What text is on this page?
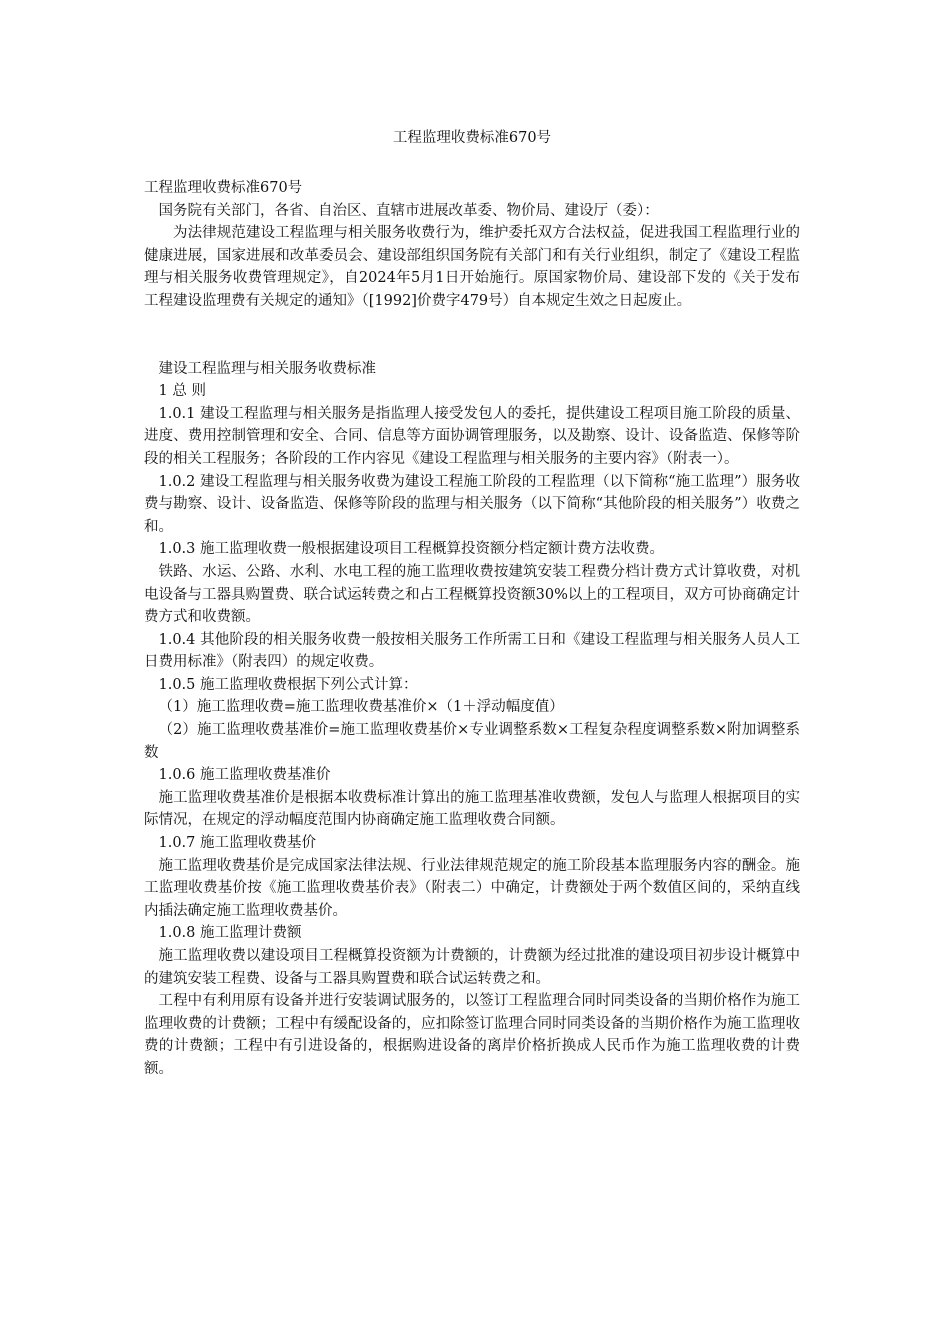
工程监理收费标准670号

工程监理收费标准670号

国务院有关部门，各省、自治区、直辖市进展改革委、物价局、建设厅（委）：

为法律规范建设工程监理与相关服务收费行为，维护委托双方合法权益，促进我国工程监理行业的健康进展，国家进展和改革委员会、建设部组织国务院有关部门和有关行业组织，制定了《建设工程监理与相关服务收费管理规定》，自2024年5月1日开始施行。原国家物价局、建设部下发的《关于发布工程建设监理费有关规定的通知》（[1992]价费字479号）自本规定生效之日起废止。

建设工程监理与相关服务收费标准

1 总 则

1.0.1 建设工程监理与相关服务是指监理人接受发包人的委托，提供建设工程项目施工阶段的质量、进度、费用控制管理和安全、合同、信息等方面协调管理服务，以及勘察、设计、设备监造、保修等阶段的相关工程服务；各阶段的工作内容见《建设工程监理与相关服务的主要内容》（附表一）。

1.0.2 建设工程监理与相关服务收费为建设工程施工阶段的工程监理（以下简称“施工监理”）服务收费与勘察、设计、设备监造、保修等阶段的监理与相关服务（以下简称“其他阶段的相关服务”）收费之和。

1.0.3 施工监理收费一般根据建设项目工程概算投资额分档定额计费方法收费。

铁路、水运、公路、水利、水电工程的施工监理收费按建筑安装工程费分档计费方式计算收费，对机电设备与工器具购置费、联合试运转费之和占工程概算投资额30%以上的工程项目，双方可协商确定计费方式和收费额。

1.0.4 其他阶段的相关服务收费一般按相关服务工作所需工日和《建设工程监理与相关服务人员人工日费用标准》（附表四）的规定收费。

1.0.5 施工监理收费根据下列公式计算：

（1）施工监理收费=施工监理收费基准价×（1＋浮动幅度值）

（2）施工监理收费基准价=施工监理收费基价×专业调整系数×工程复杂程度调整系数×附加调整系数

1.0.6 施工监理收费基准价

施工监理收费基准价是根据本收费标准计算出的施工监理基准收费额，发包人与监理人根据项目的实际情况，在规定的浮动幅度范围内协商确定施工监理收费合同额。

1.0.7 施工监理收费基价

施工监理收费基价是完成国家法律法规、行业法律规范规定的施工阶段基本监理服务内容的酬金。施工监理收费基价按《施工监理收费基价表》（附表二）中确定，计费额处于两个数值区间的，采纳直线内插法确定施工监理收费基价。

1.0.8 施工监理计费额

施工监理收费以建设项目工程概算投资额为计费额的，计费额为经过批准的建设项目初步设计概算中的建筑安装工程费、设备与工器具购置费和联合试运转费之和。

工程中有利用原有设备并进行安装调试服务的，以签订工程监理合同时同类设备的当期价格作为施工监理收费的计费额；工程中有缓配设备的，应扣除签订监理合同时同类设备的当期价格作为施工监理收费的计费额；工程中有引进设备的，根据购进设备的离岸价格折换成人民币作为施工监理收费的计费额。
